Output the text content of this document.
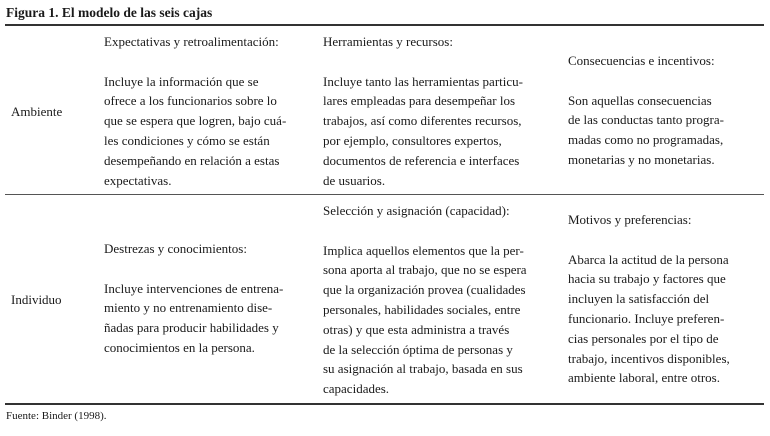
Figura 1. El modelo de las seis cajas
Ambiente
Expectativas y retroalimentación:
Incluye la información que se
ofrece a los funcionarios sobre lo
que se espera que logren, bajo cuá-
les condiciones y cómo se están
desempeñando en relación a estas
expectativas.
Herramientas y recursos:
Incluye tanto las herramientas particu-
lares empleadas para desempeñar los
trabajos, así como diferentes recursos,
por ejemplo, consultores expertos,
documentos de referencia e interfaces
de usuarios.
Consecuencias e incentivos:
Son aquellas consecuencias
de las conductas tanto progra-
madas como no programadas,
monetarias y no monetarias.
Individuo
Destrezas y conocimientos:
Incluye intervenciones de entrena-
miento y no entrenamiento dise-
ñadas para producir habilidades y
conocimientos en la persona.
Selección y asignación (capacidad):
Implica aquellos elementos que la per-
sona aporta al trabajo, que no se espera
que la organización provea (cualidades
personales, habilidades sociales, entre
otras) y que esta administra a través
de la selección óptima de personas y
su asignación al trabajo, basada en sus
capacidades.
Motivos y preferencias:
Abarca la actitud de la persona
hacia su trabajo y factores que
incluyen la satisfacción del
funcionario. Incluye preferen-
cias personales por el tipo de
trabajo, incentivos disponibles,
ambiente laboral, entre otros.
Fuente: Binder (1998).
